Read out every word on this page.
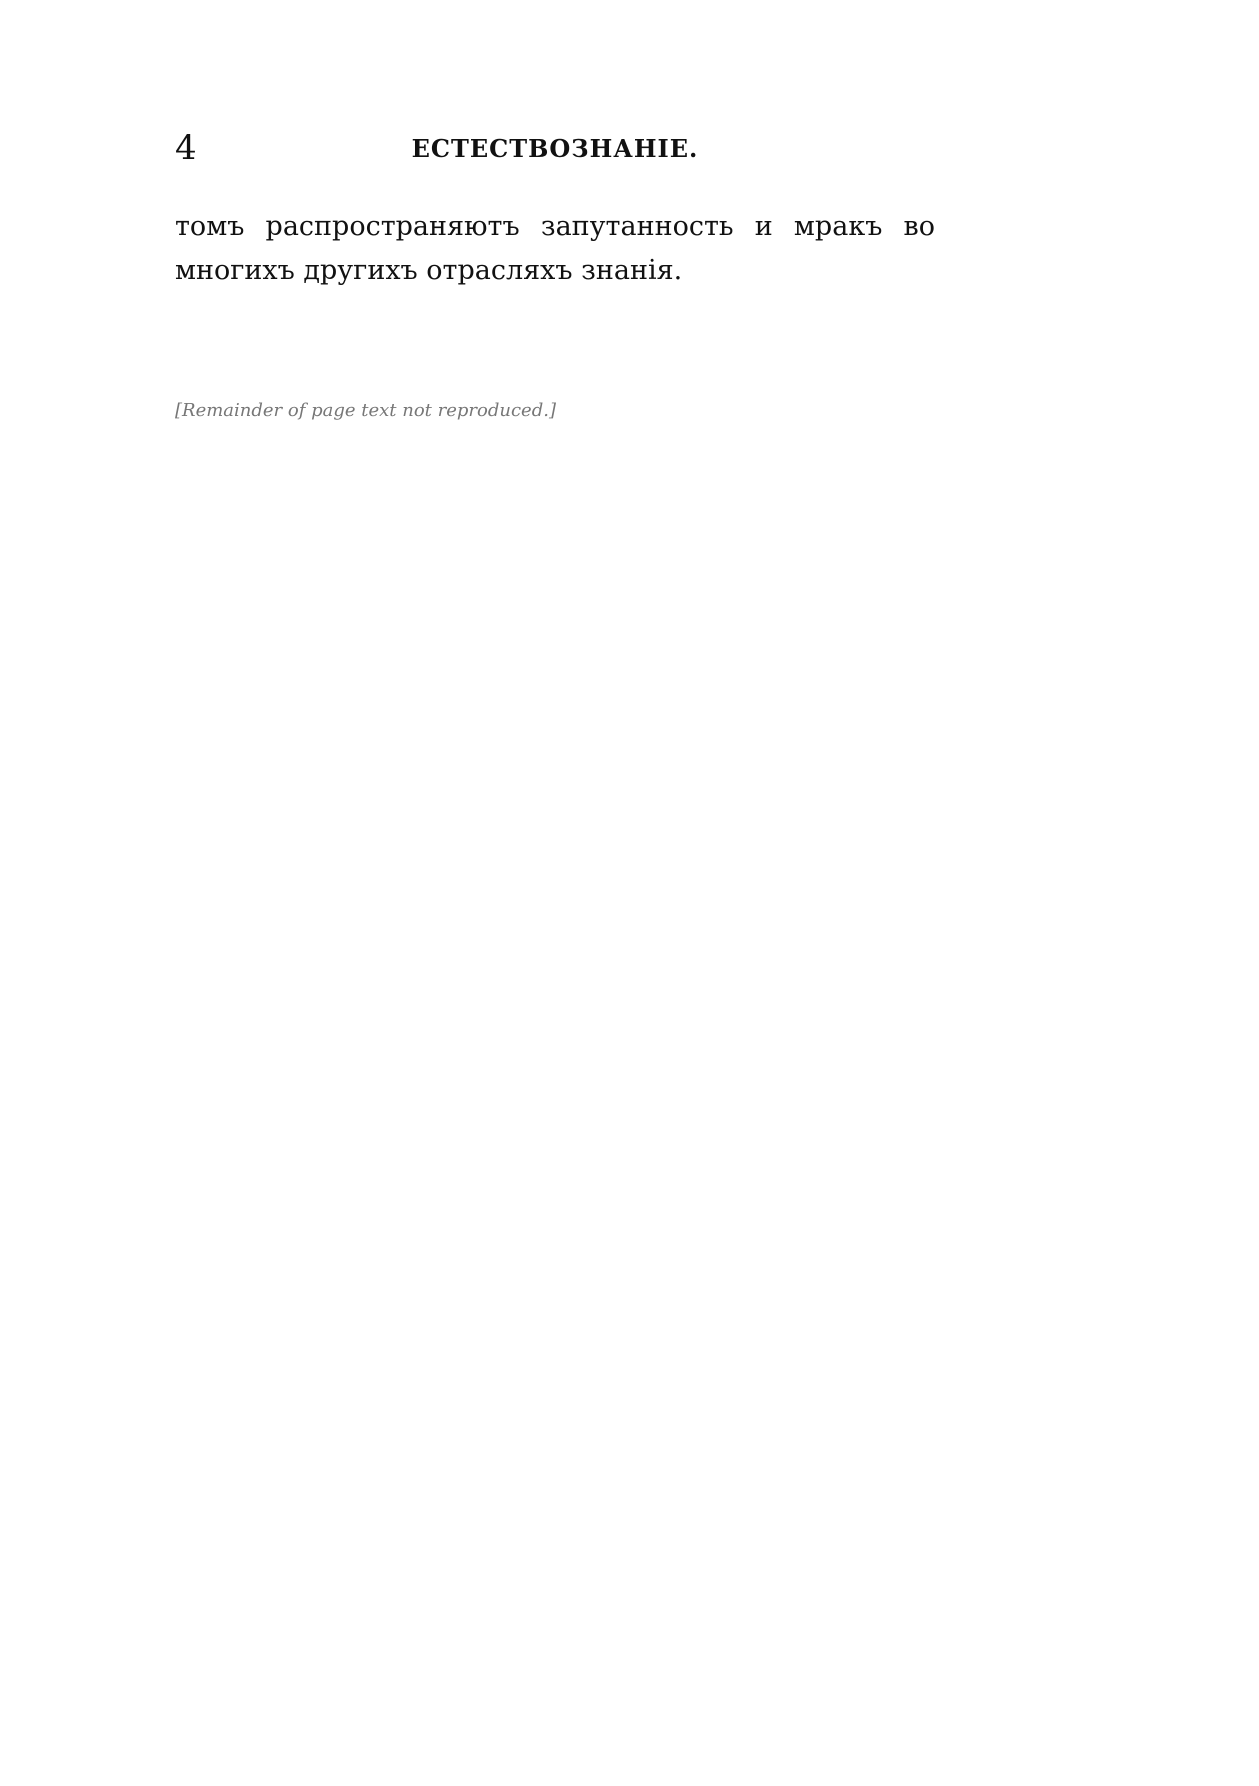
4	ЕСТЕСТВОЗНАНІЕ.
томъ распространяютъ запутанность и мракъ во многихъ другихъ отрасляхъ знанія.
[Remainder of page text not reproduced.]
